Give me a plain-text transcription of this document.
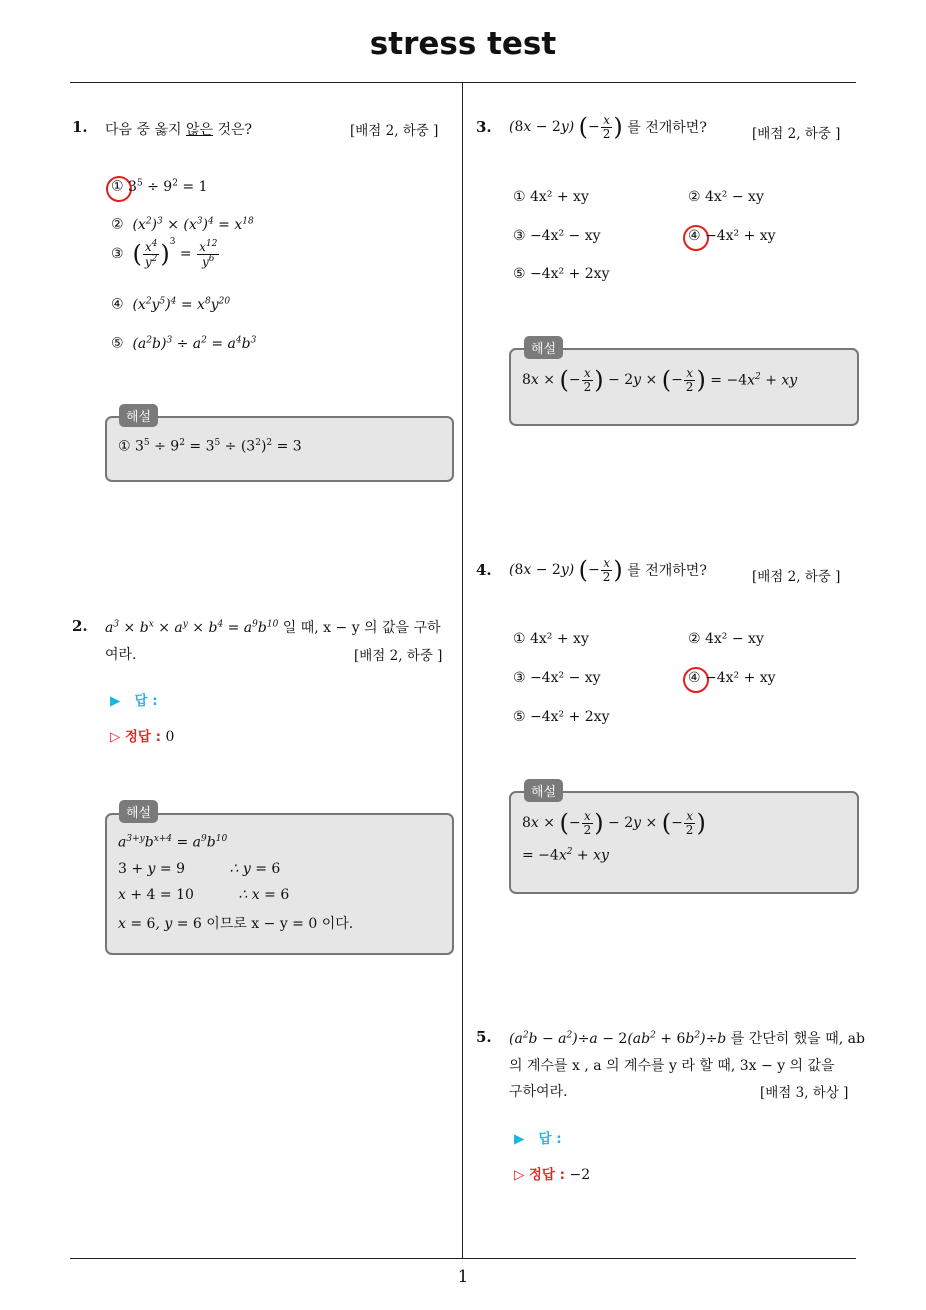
stress test
1
1. 다음 중 옳지 않은 것은?	[배점 2, 하중 ]
① $3^5 \div 9^2 = 1$
②  $(x^2)^3 \times (x^3)^4 = x^{18}$
③ ( $\frac{x^4}{y^2} )^3$
= $\frac{x^{12}}{y^6}$
④  $(x^2y^5)^4 = x^8y^{20}$
⑤  $(a^2b)^3 \div a^2 = a^4b^3$
해설
① $3^5 \div 9^2 = 3^5 \div (3^2)^2 = 3$
2. $a^3 \times b^x \times a^y \times b^4 = a^9b^{10}$ 일 때, x − y 의 값을 구하
여라.	[배점 2, 하중 ]
▶ 답 :
▷ 정답 : 0
해설
$a^{3+y}b^{x+4} = a^9b^{10}$
3 + y = 9          ∴ y = 6
x + 4 = 10          ∴ x = 6
x = 6, y = 6 이므로 x − y = 0 이다.
3. (8x − 2y)
( − $\frac{x}{2}$ )
를 전개하면?	[배점 2, 하중 ]
① 4x² + xy	② 4x² − xy
③ −4x² − xy	④ −4x² + xy
⑤ −4x² + 2xy
해설
8x ×
( − $\frac{x}{2}$ )
− 2y ×
( − $\frac{x}{2}$ )
= $-4x^2$ + xy
4. (8x − 2y)
( − $\frac{x}{2}$ )
를 전개하면?	[배점 2, 하중 ]
① 4x² + xy	② 4x² − xy
③ −4x² − xy	④ −4x² + xy
⑤ −4x² + 2xy
해설
8x ×
( − $\frac{x}{2}$ )
− 2y ×
( − $\frac{x}{2}$ )
= $-4x^2$ + xy
5. $(a^2b - a^2)\div a - 2(ab^2 + 6b^2)\div b$ 를 간단히 했을 때, ab
의 계수를 x , a 의 계수를 y 라 할 때, 3x − y 의 값을
구하여라.	[배점 3, 하상 ]
▶ 답 :
▷ 정답 : −2
